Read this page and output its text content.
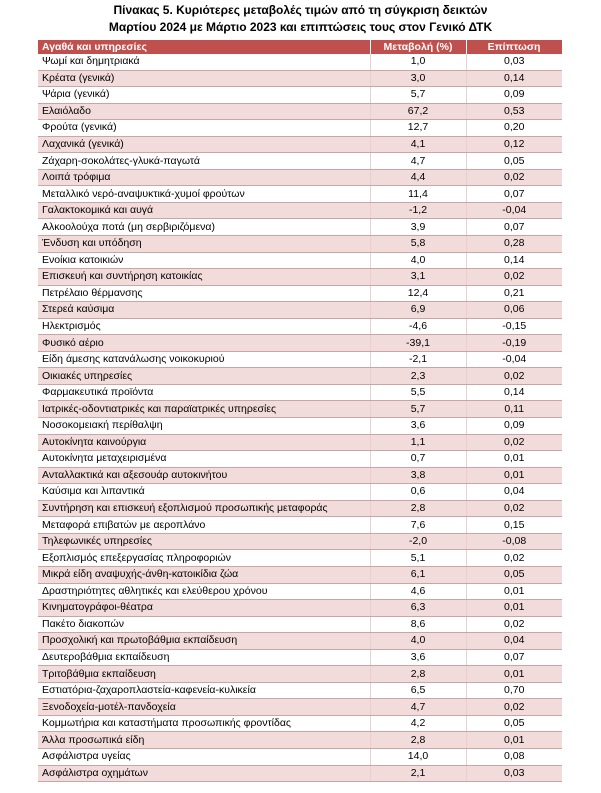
Πίνακας 5. Κυριότερες μεταβολές τιμών από τη σύγκριση δεικτών
Μαρτίου 2024 με Μάρτιο 2023 και επιπτώσεις τους στον Γενικό ΔΤΚ
Αγαθά και υπηρεσίες	Μεταβολή (%)	Επίπτωση
Ψωμί και δημητριακά	1,0	0,03
Κρέατα (γενικά)	3,0	0,14
Ψάρια (γενικά)	5,7	0,09
Ελαιόλαδο	67,2	0,53
Φρούτα (γενικά)	12,7	0,20
Λαχανικά (γενικά)	4,1	0,12
Ζάχαρη-σοκολάτες-γλυκά-παγωτά	4,7	0,05
Λοιπά τρόφιμα	4,4	0,02
Μεταλλικό νερό-αναψυκτικά-χυμοί φρούτων	11,4	0,07
Γαλακτοκομικά και αυγά	-1,2	-0,04
Αλκοολούχα ποτά (μη σερβιριζόμενα)	3,9	0,07
Ένδυση και υπόδηση	5,8	0,28
Ενοίκια κατοικιών	4,0	0,14
Επισκευή και συντήρηση κατοικίας	3,1	0,02
Πετρέλαιο θέρμανσης	12,4	0,21
Στερεά καύσιμα	6,9	0,06
Ηλεκτρισμός	-4,6	-0,15
Φυσικό αέριο	-39,1	-0,19
Είδη άμεσης κατανάλωσης νοικοκυριού	-2,1	-0,04
Οικιακές υπηρεσίες	2,3	0,02
Φαρμακευτικά προϊόντα	5,5	0,14
Ιατρικές-οδοντιατρικές και παραϊατρικές υπηρεσίες	5,7	0,11
Νοσοκομειακή περίθαλψη	3,6	0,09
Αυτοκίνητα καινούργια	1,1	0,02
Αυτοκίνητα μεταχειρισμένα	0,7	0,01
Ανταλλακτικά και αξεσουάρ αυτοκινήτου	3,8	0,01
Καύσιμα και λιπαντικά	0,6	0,04
Συντήρηση και επισκευή εξοπλισμού προσωπικής μεταφοράς	2,8	0,02
Μεταφορά επιβατών με αεροπλάνο	7,6	0,15
Τηλεφωνικές υπηρεσίες	-2,0	-0,08
Εξοπλισμός επεξεργασίας πληροφοριών	5,1	0,02
Μικρά είδη αναψυχής-άνθη-κατοικίδια ζώα	6,1	0,05
Δραστηριότητες αθλητικές και ελεύθερου χρόνου	4,6	0,01
Κινηματογράφοι-θέατρα	6,3	0,01
Πακέτο διακοπών	8,6	0,02
Προσχολική και πρωτοβάθμια εκπαίδευση	4,0	0,04
Δευτεροβάθμια εκπαίδευση	3,6	0,07
Τριτοβάθμια εκπαίδευση	2,8	0,01
Εστιατόρια-ζαχαροπλαστεία-καφενεία-κυλικεία	6,5	0,70
Ξενοδοχεία-μοτέλ-πανδοχεία	4,7	0,02
Κομμωτήρια και καταστήματα προσωπικής φροντίδας	4,2	0,05
Άλλα προσωπικά είδη	2,8	0,01
Ασφάλιστρα υγείας	14,0	0,08
Ασφάλιστρα οχημάτων	2,1	0,03
